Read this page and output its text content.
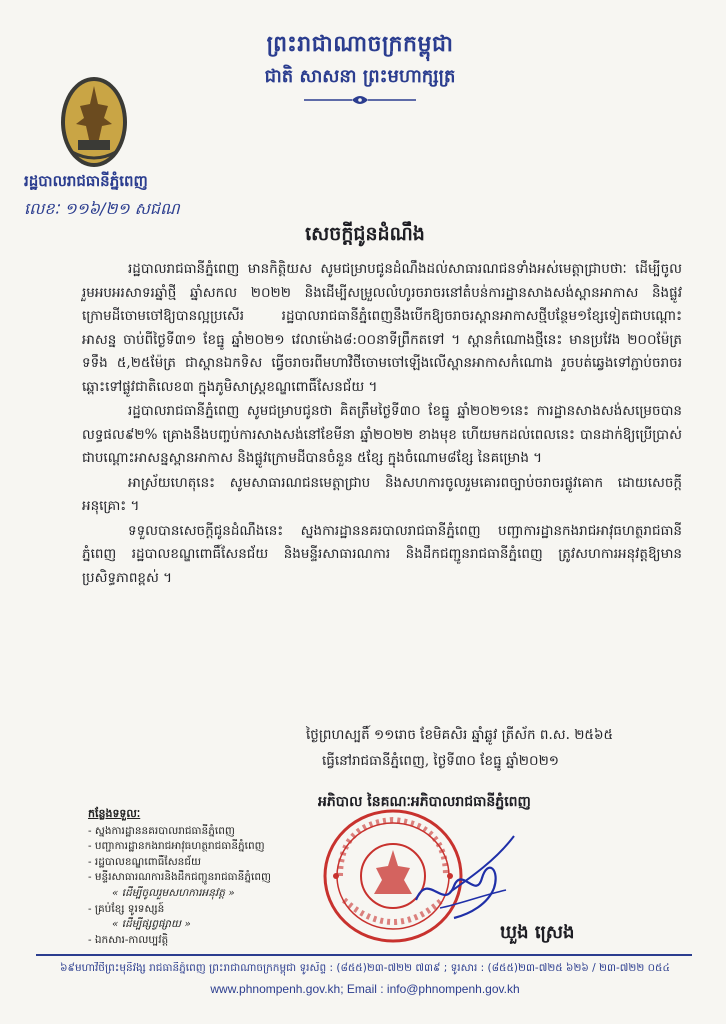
ព្រះរាជាណាចក្រកម្ពុជា
ជាតិ សាសនា ព្រះមហាក្សត្រ
រដ្ឋបាលរាជធានីភ្នំពេញ
លេខៈ ១១៦/២១ សជណ
សេចក្តីជូនដំណឹង

រដ្ឋបាលរាជធានីភ្នំពេញ មានកិត្តិយស សូមជម្រាបជូនដំណឹងដល់សាធារណជនទាំងអស់មេត្តាជ្រាបថាៈ ដើម្បីចូលរួមអបអរសាទរឆ្នាំថ្មី ឆ្នាំសកល ២០២២ និងដើម្បីសម្រួលលំហូរចរាចរនៅតំបន់ការដ្ឋានសាងសង់ស្ពានអាកាស និងផ្លូវក្រោមដីចោមចៅឱ្យបានល្អប្រសើរ រដ្ឋបាលរាជធានីភ្នំពេញនឹងបើកឱ្យចរាចរស្ពានអាកាសថ្មីបន្ថែម១ខ្សែទៀតជាបណ្តោះអាសន្ន ចាប់ពីថ្ងៃទី៣១ ខែធ្នូ ឆ្នាំ២០២១ វេលាម៉ោង៨:០០នាទីព្រឹកតទៅ ។ ស្ពានកំណោងថ្មីនេះ មានប្រវែង ២០០ម៉ែត្រ ទទឹង ៥,២៥ម៉ែត្រ ជាស្ពានឯកទិស ធ្វើចរាចរពីមហាវិថីចោមចៅឡើងលើស្ពានអាកាសកំណោង រួចបត់ឆ្វេងទៅភ្ជាប់ចរាចរឆ្ពោះទៅផ្លូវជាតិលេខ៣ ក្នុងភូមិសាស្ត្រខណ្ឌពោធិ៍សែនជ័យ ។

រដ្ឋបាលរាជធានីភ្នំពេញ សូមជម្រាបជូនថា គិតត្រឹមថ្ងៃទី៣០ ខែធ្នូ ឆ្នាំ២០២១នេះ ការដ្ឋានសាងសង់សម្រេចបានលទ្ធផល៩២% គ្រោងនឹងបញ្ចប់ការសាងសង់នៅខែមីនា ឆ្នាំ២០២២ ខាងមុខ ហើយមកដល់ពេលនេះ បានដាក់ឱ្យប្រើប្រាស់ជាបណ្តោះអាសន្នស្ពានអាកាស និងផ្លូវក្រោមដីបានចំនួន ៥ខ្សែ ក្នុងចំណោម៨ខ្សែ នៃគម្រោង ។

អាស្រ័យហេតុនេះ សូមសាធារណជនមេត្តាជ្រាប និងសហការចូលរួមគោរពច្បាប់ចរាចរផ្លូវគោក ដោយសេចក្តីអនុគ្រោះ ។

ទទួលបានសេចក្តីជូនដំណឹងនេះ ស្នងការដ្ឋាននគរបាលរាជធានីភ្នំពេញ បញ្ជាការដ្ឋានកងរាជអាវុធហត្ថរាជធានីភ្នំពេញ រដ្ឋបាលខណ្ឌពោធិ៍សែនជ័យ និងមន្ទីរសាធារណការ និងដឹកជញ្ជូនរាជធានីភ្នំពេញ ត្រូវសហការអនុវត្តឱ្យមានប្រសិទ្ធភាពខ្ពស់ ។

ថ្ងៃព្រហស្បតិ៍ ១១រោច ខែមិគសិរ ឆ្នាំឆ្លូវ ត្រីស័ក ព.ស. ២៥៦៥
ធ្វើនៅរាជធានីភ្នំពេញ, ថ្ងៃទី៣០ ខែធ្នូ ឆ្នាំ២០២១
អភិបាល នៃគណៈអភិបាលរាជធានីភ្នំពេញ
ឃួង ស្រេង
កន្លែងទទួលៈ
- ស្នងការដ្ឋាននគរបាលរាជធានីភ្នំពេញ
- បញ្ជាការដ្ឋានកងរាជអាវុធហត្ថរាជធានីភ្នំពេញ
- រដ្ឋបាលខណ្ឌពោធិ៍សែនជ័យ
- មន្ទីរសាធារណការនិងដឹកជញ្ជូនរាជធានីភ្នំពេញ
« ដើម្បីចូលរួមសហការអនុវត្ត »
- គ្រប់ខ្សែ ទូរទស្សន៍
« ដើម្បីផ្សព្វផ្សាយ »
- ឯកសារ-កាលប្បវត្តិ
៦៩មហាវិថីព្រះមុនីវង្ស រាជធានីភ្នំពេញ ព្រះរាជាណាចក្រកម្ពុជា ទូរស័ព្ទ : (៨៥៥)២៣-៧២២ ៧៣៩ ; ទូរសារ : (៨៥៥)២៣-៧២៥ ៦២៦ / ២៣-៧២២ ០៥៤
www.phnompenh.gov.kh; Email : info@phnompenh.gov.kh
